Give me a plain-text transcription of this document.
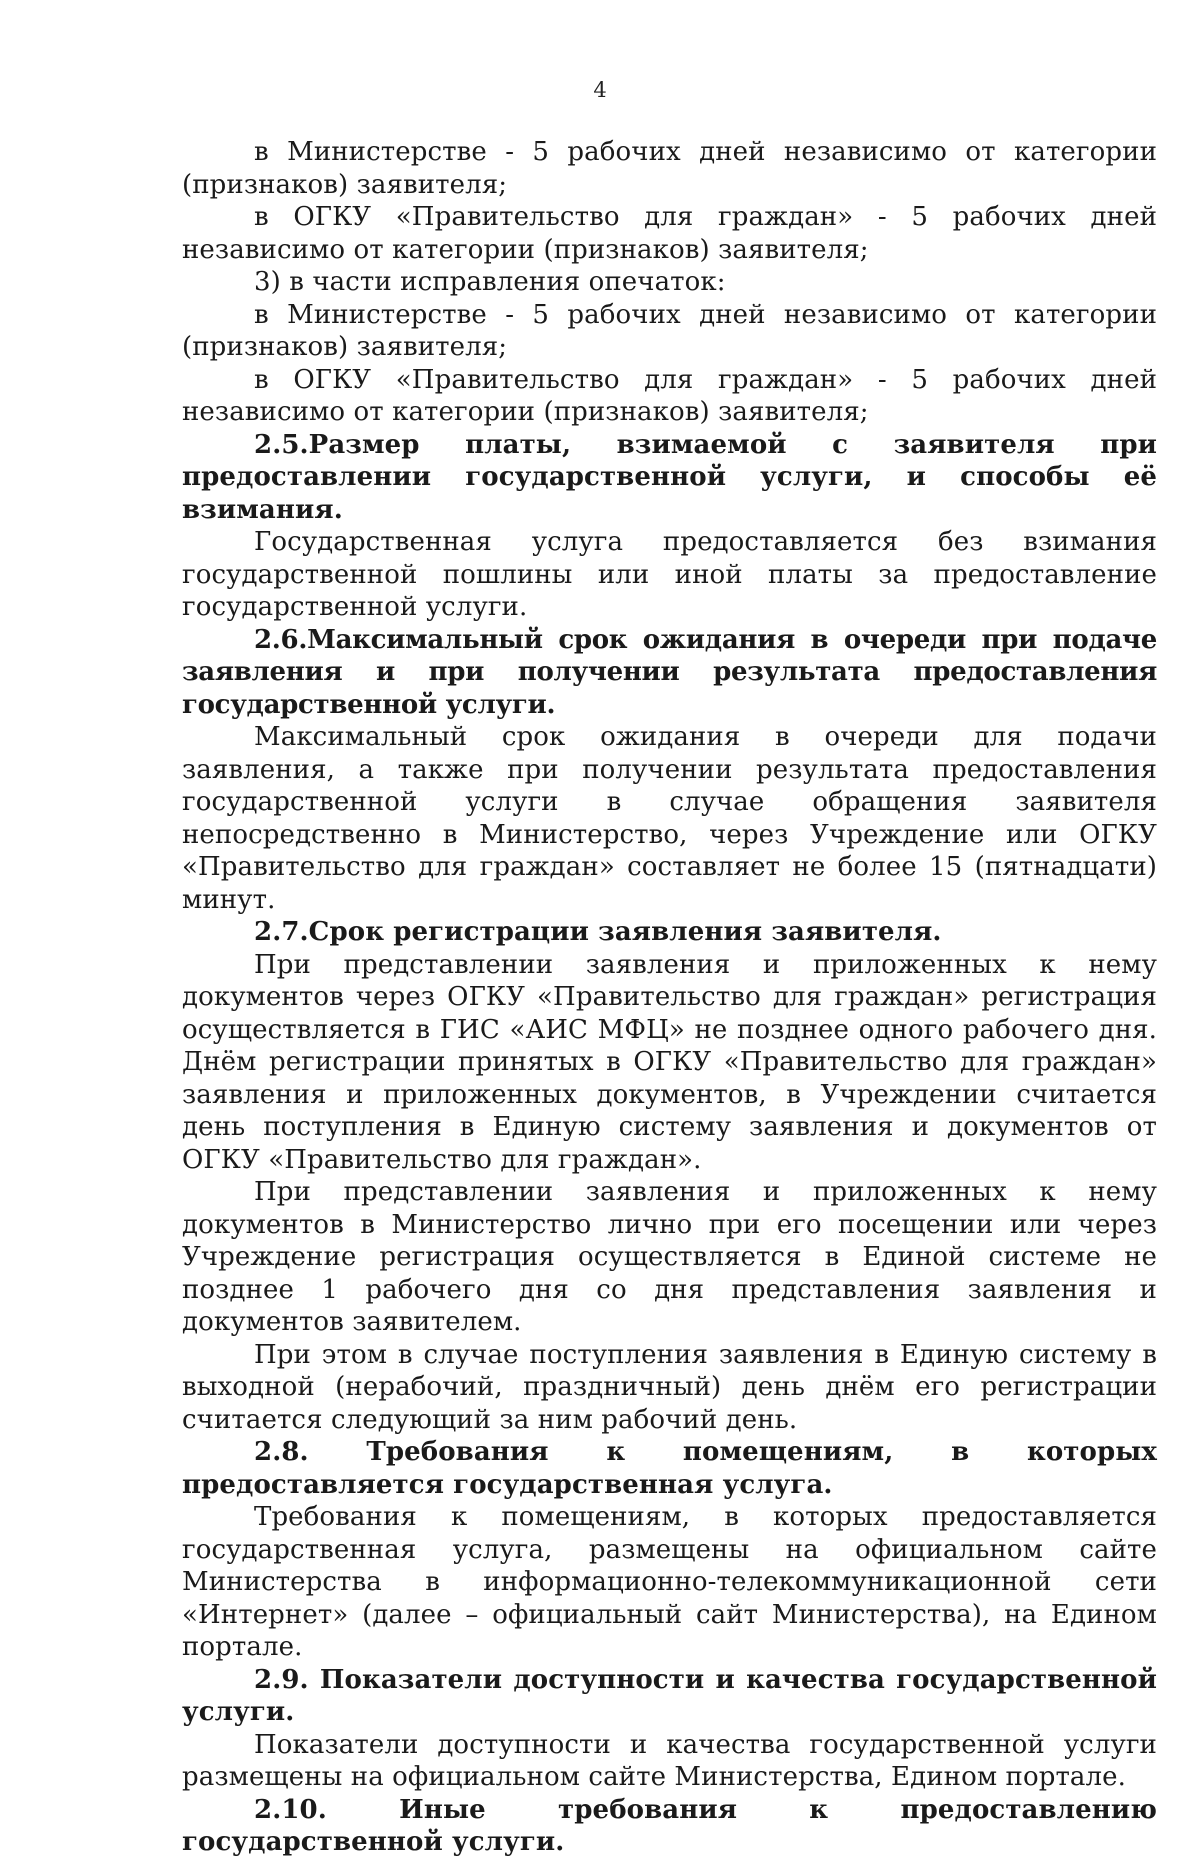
4

в Министерстве - 5 рабочих дней независимо от категории (признаков) заявителя;

в ОГКУ «Правительство для граждан» - 5 рабочих дней независимо от категории (признаков) заявителя;

3) в части исправления опечаток:

в Министерстве - 5 рабочих дней независимо от категории (признаков) заявителя;

в ОГКУ «Правительство для граждан» - 5 рабочих дней независимо от категории (признаков) заявителя;

2.5.Размер платы, взимаемой с заявителя при предоставлении государственной услуги, и способы её взимания.

Государственная услуга предоставляется без взимания государственной пошлины или иной платы за предоставление государственной услуги.

2.6.Максимальный срок ожидания в очереди при подаче заявления и при получении результата предоставления государственной услуги.

Максимальный срок ожидания в очереди для подачи заявления, а также при получении результата предоставления государственной услуги в случае обращения заявителя непосредственно в Министерство, через Учреждение или ОГКУ «Правительство для граждан» составляет не более 15 (пятнадцати) минут.

2.7.Срок регистрации заявления заявителя.

При представлении заявления и приложенных к нему документов через ОГКУ «Правительство для граждан» регистрация осуществляется в ГИС «АИС МФЦ» не позднее одного рабочего дня. Днём регистрации принятых в ОГКУ «Правительство для граждан» заявления и приложенных документов, в Учреждении считается день поступления в Единую систему заявления и документов от ОГКУ «Правительство для граждан».

При представлении заявления и приложенных к нему документов в Министерство лично при его посещении или через Учреждение регистрация осуществляется в Единой системе не позднее 1 рабочего дня со дня представления заявления и документов заявителем.

При этом в случае поступления заявления в Единую систему в выходной (нерабочий, праздничный) день днём его регистрации считается следующий за ним рабочий день.

2.8. Требования к помещениям, в которых предоставляется государственная услуга.

Требования к помещениям, в которых предоставляется государственная услуга, размещены на официальном сайте Министерства в информационно-телекоммуникационной сети «Интернет» (далее – официальный сайт Министерства), на Едином портале.

2.9. Показатели доступности и качества государственной услуги.

Показатели доступности и качества государственной услуги размещены на официальном сайте Министерства, Едином портале.

2.10. Иные требования к предоставлению государственной услуги.
